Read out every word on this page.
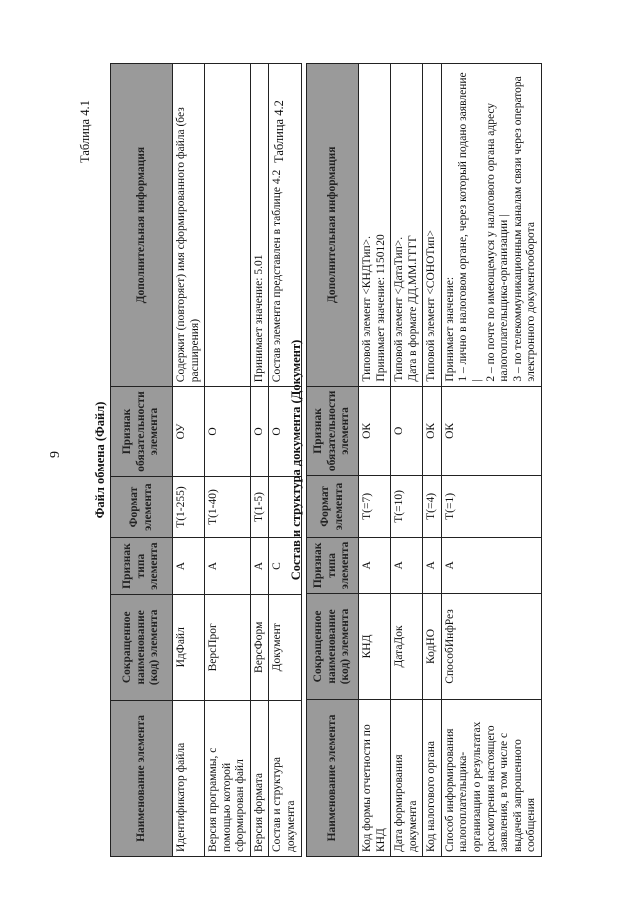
9
Таблица 4.1
Файл обмена (Файл)
Наименование элемента	Сокращенное наименование (код) элемента	Признак типа элемента	Формат элемента	Признак обязательности элемента	Дополнительная информация
Идентификатор файла	ИдФайл	А	Т(1-255)	ОУ	Содержит (повторяет) имя сформированного файла (без расширения)
Версия программы, с помощью которой сформирован файл	ВерсПрог	А	Т(1-40)	О	
Версия формата	ВерсФорм	А	Т(1-5)	О	Принимает значение: 5.01
Состав и структура документа	Документ	С		О	Состав элемента представлен в таблице 4.2
Таблица 4.2
Состав и структура документа (Документ)
Наименование элемента	Сокращенное наименование (код) элемента	Признак типа элемента	Формат элемента	Признак обязательности элемента	Дополнительная информация
Код формы отчетности по КНД	КНД	А	Т(=7)	ОК	Типовой элемент <КНДТип>.
Принимает значение: 1150120
Дата формирования документа	ДатаДок	А	Т(=10)	О	Типовой элемент <ДатаТип>.
Дата в формате ДД.ММ.ГГГГ
Код налогового органа	КодНО	А	Т(=4)	ОК	Типовой элемент <СОНОТип>
Способ информирования налогоплательщика-организации о результатах рассмотрения настоящего заявления, в том числе с выдачей запрошенного сообщения	СпособИнфРез	А	Т(=1)	ОК	Принимает значение:
1 – лично в налоговом органе, через который подано заявление |
2 – по почте по имеющемуся у налогового органа адресу налогоплательщика-организации |
3 – по телекоммуникационным каналам связи через оператора электронного документооборота
